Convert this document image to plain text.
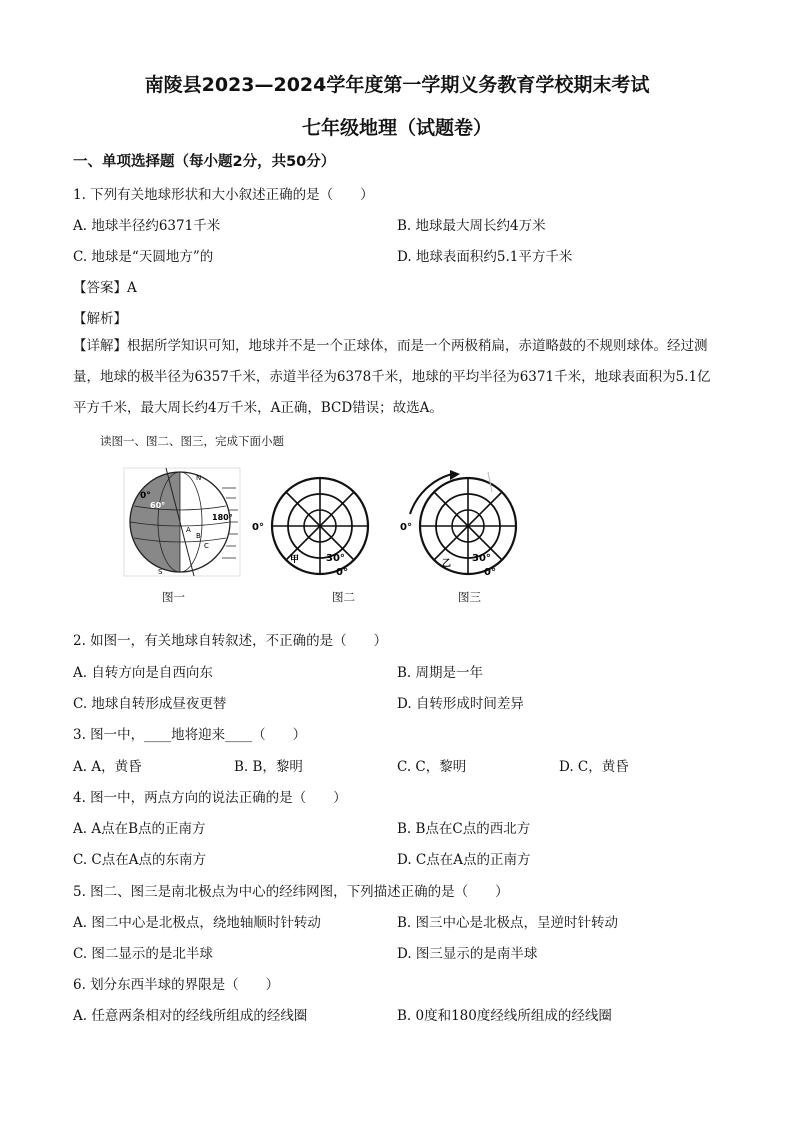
南陵县2023—2024学年度第一学期义务教育学校期末考试
七年级地理（试题卷）
一、单项选择题（每小题2分，共50分）
1. 下列有关地球形状和大小叙述正确的是（　　）
A. 地球半径约6371千米	B. 地球最大周长约4万米
C. 地球是“天圆地方”的	D. 地球表面积约5.1平方千米
【答案】A
【解析】
【详解】根据所学知识可知，地球并不是一个正球体，而是一个两极稍扁，赤道略鼓的不规则球体。经过测量，地球的极半径为6357千米，赤道半径为6378千米，地球的平均半径为6371千米，地球表面积为5.1亿平方千米，最大周长约4万千米，A正确，BCD错误；故选A。
读图一、图二、图三，完成下面小题
0°
60°
180°
N
S
A
B
C
0°
30°
0°
甲
0°
30°
0°
乙
图一	图二	图三
2. 如图一，有关地球自转叙述，不正确的是（　　）
A. 自转方向是自西向东	B. 周期是一年
C. 地球自转形成昼夜更替	D. 自转形成时间差异
3. 图一中，____地将迎来____（　　）
A. A，黄昏	B. B，黎明	C. C，黎明	D. C，黄昏
4. 图一中，两点方向的说法正确的是（　　）
A. A点在B点的正南方	B. B点在C点的西北方
C. C点在A点的东南方	D. C点在A点的正南方
5. 图二、图三是南北极点为中心的经纬网图，下列描述正确的是（　　）
A. 图二中心是北极点，绕地轴顺时针转动	B. 图三中心是北极点，呈逆时针转动
C. 图二显示的是北半球	D. 图三显示的是南半球
6. 划分东西半球的界限是（　　）
A. 任意两条相对的经线所组成的经线圈	B. 0度和180度经线所组成的经线圈
